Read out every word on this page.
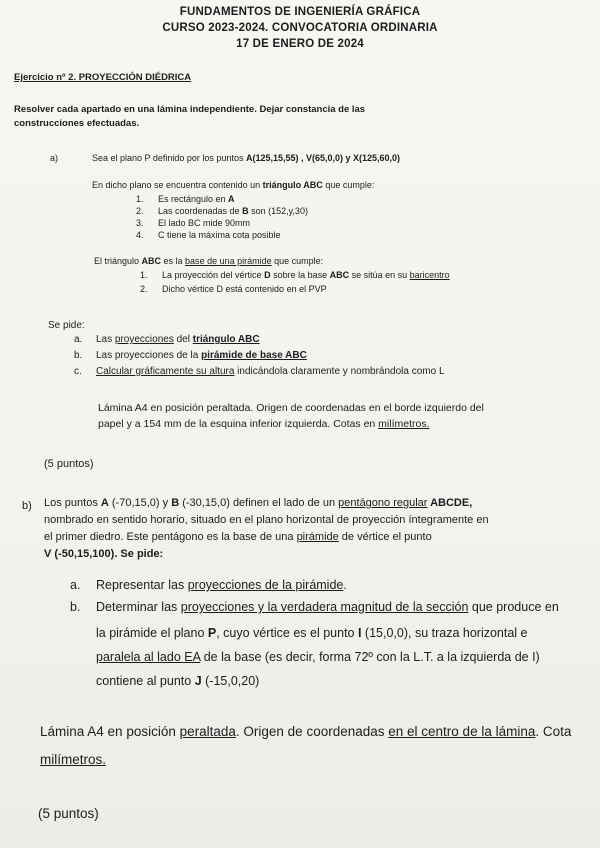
FUNDAMENTOS DE INGENIERÍA GRÁFICA
CURSO 2023-2024. CONVOCATORIA ORDINARIA
17 DE ENERO DE 2024
Ejercicio nº 2. PROYECCIÓN DIÉDRICA
Resolver cada apartado en una lámina independiente. Dejar constancia de las
construcciones efectuadas.
a)	Sea el plano P definido por los puntos A(125,15,55) , V(65,0,0) y X(125,60,0)
En dicho plano se encuentra contenido un triángulo ABC que cumple:
1. Es rectángulo en A
2. Las coordenadas de B son (152,y,30)
3. El lado BC mide 90mm
4. C tiene la máxima cota posible
El triángulo ABC es la base de una pirámide que cumple:
1. La proyección del vértice D sobre la base ABC se sitúa en su baricentro
2. Dicho vértice D está contenido en el PVP
Se pide:
a. Las proyecciones del triángulo ABC
b. Las proyecciones de la pirámide de base ABC
c. Calcular gráficamente su altura indicándola claramente y nombrándola como L
Lámina A4 en posición peraltada. Origen de coordenadas en el borde izquierdo del
papel y a 154 mm de la esquina inferior izquierda. Cotas en milímetros.
(5 puntos)
b) Los puntos A (-70,15,0) y B (-30,15,0) definen el lado de un pentágono regular ABCDE,
nombrado en sentido horario, situado en el plano horizontal de proyección íntegramente en
el primer diedro. Este pentágono es la base de una pirámide de vértice el punto
V (-50,15,100). Se pide:
a. Representar las proyecciones de la pirámide.
b. Determinar las proyecciones y la verdadera magnitud de la sección que produce en
la pirámide el plano P, cuyo vértice es el punto I (15,0,0), su traza horizontal e
paralela al lado EA de la base (es decir, forma 72º con la L.T. a la izquierda de I)
contiene al punto J (-15,0,20)
Lámina A4 en posición peraltada. Origen de coordenadas en el centro de la lámina. Cota
milímetros.
(5 puntos)
